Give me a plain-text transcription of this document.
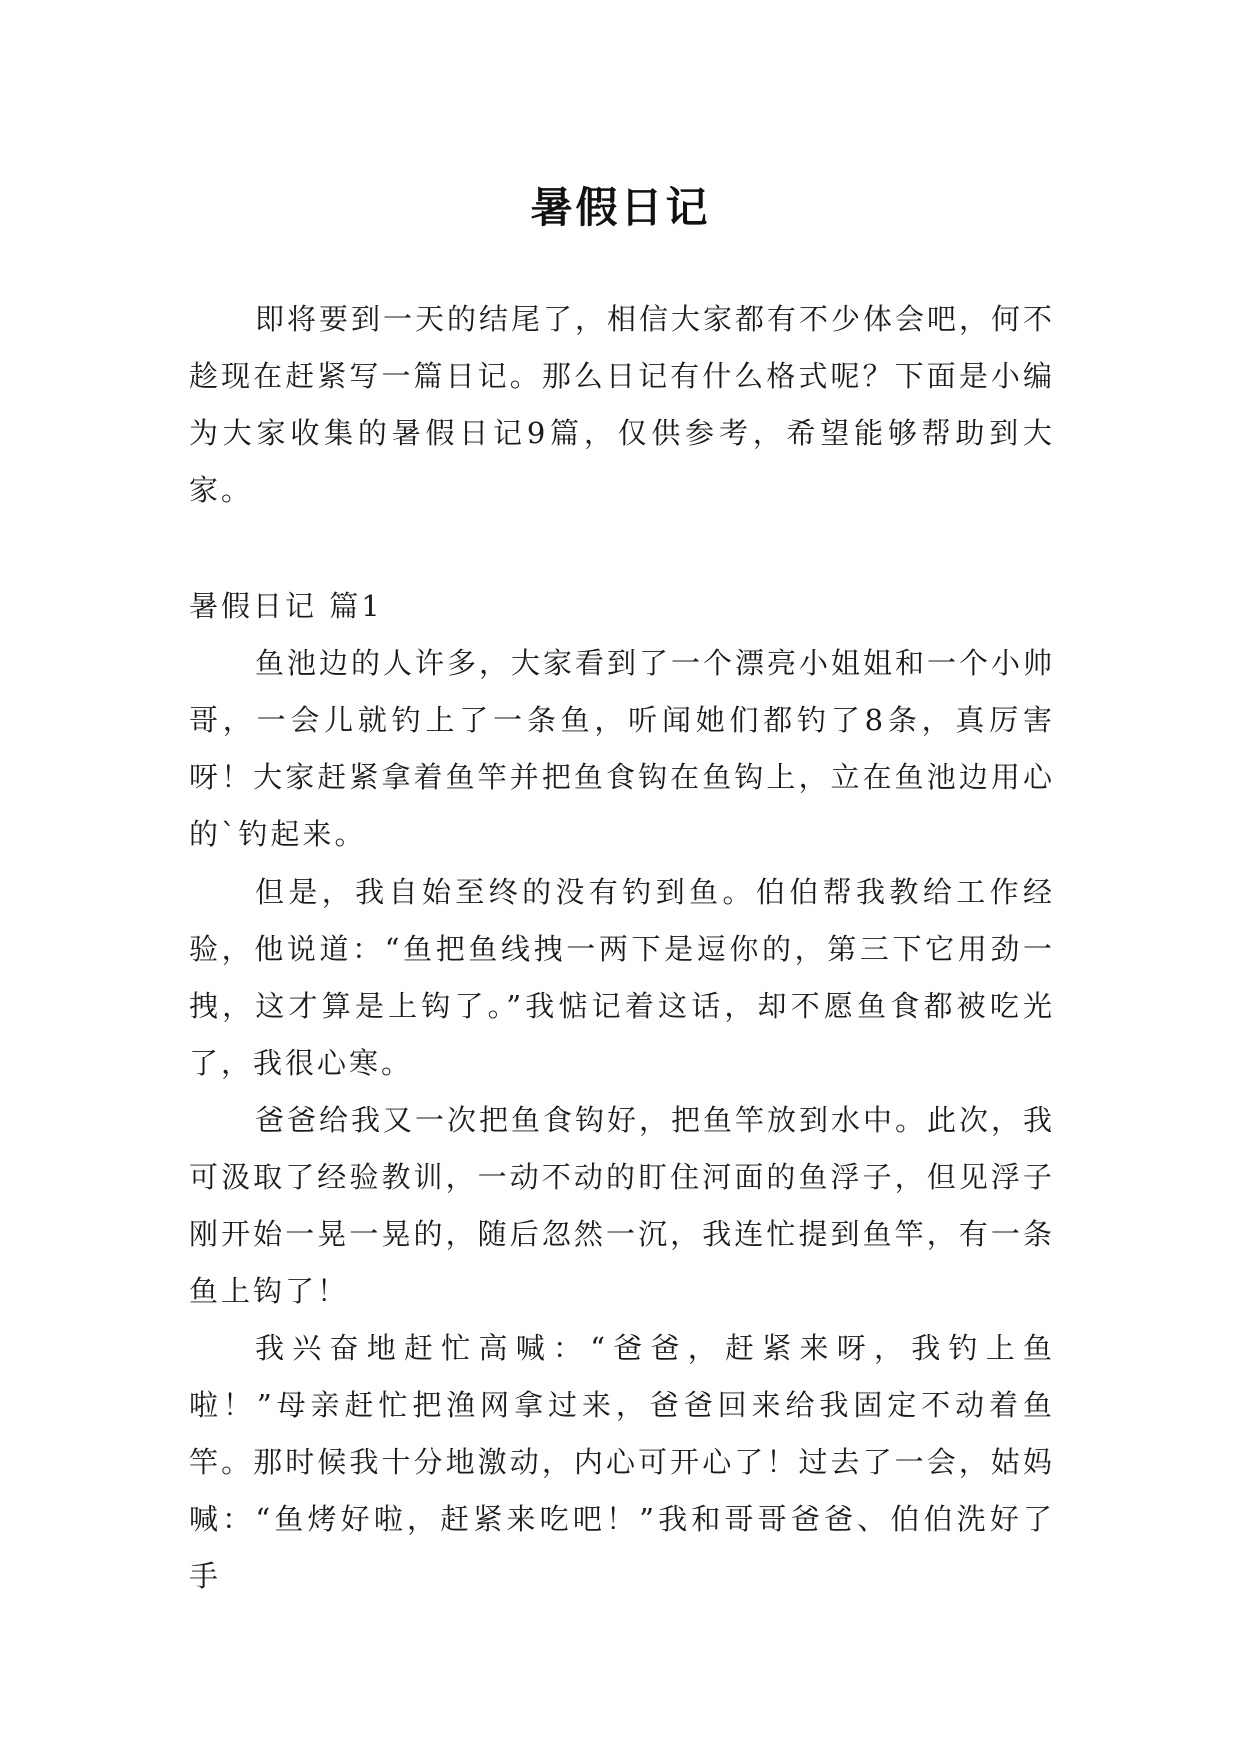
暑假日记

即将要到一天的结尾了，相信大家都有不少体会吧，何不趁现在赶紧写一篇日记。那么日记有什么格式呢？下面是小编为大家收集的暑假日记9篇，仅供参考，希望能够帮助到大家。

暑假日记 篇1

鱼池边的人许多，大家看到了一个漂亮小姐姐和一个小帅哥，一会儿就钓上了一条鱼，听闻她们都钓了8条，真厉害呀！大家赶紧拿着鱼竿并把鱼食钩在鱼钩上，立在鱼池边用心的`钓起来。

但是，我自始至终的没有钓到鱼。伯伯帮我教给工作经验，他说道：“鱼把鱼线拽一两下是逗你的，第三下它用劲一拽，这才算是上钩了。”我惦记着这话，却不愿鱼食都被吃光了，我很心寒。

爸爸给我又一次把鱼食钩好，把鱼竿放到水中。此次，我可汲取了经验教训，一动不动的盯住河面的鱼浮子，但见浮子刚开始一晃一晃的，随后忽然一沉，我连忙提到鱼竿，有一条鱼上钩了！

我兴奋地赶忙高喊：“爸爸，赶紧来呀，我钓上鱼啦！”母亲赶忙把渔网拿过来，爸爸回来给我固定不动着鱼竿。那时候我十分地激动，内心可开心了！过去了一会，姑妈喊：“鱼烤好啦，赶紧来吃吧！”我和哥哥爸爸、伯伯洗好了手
